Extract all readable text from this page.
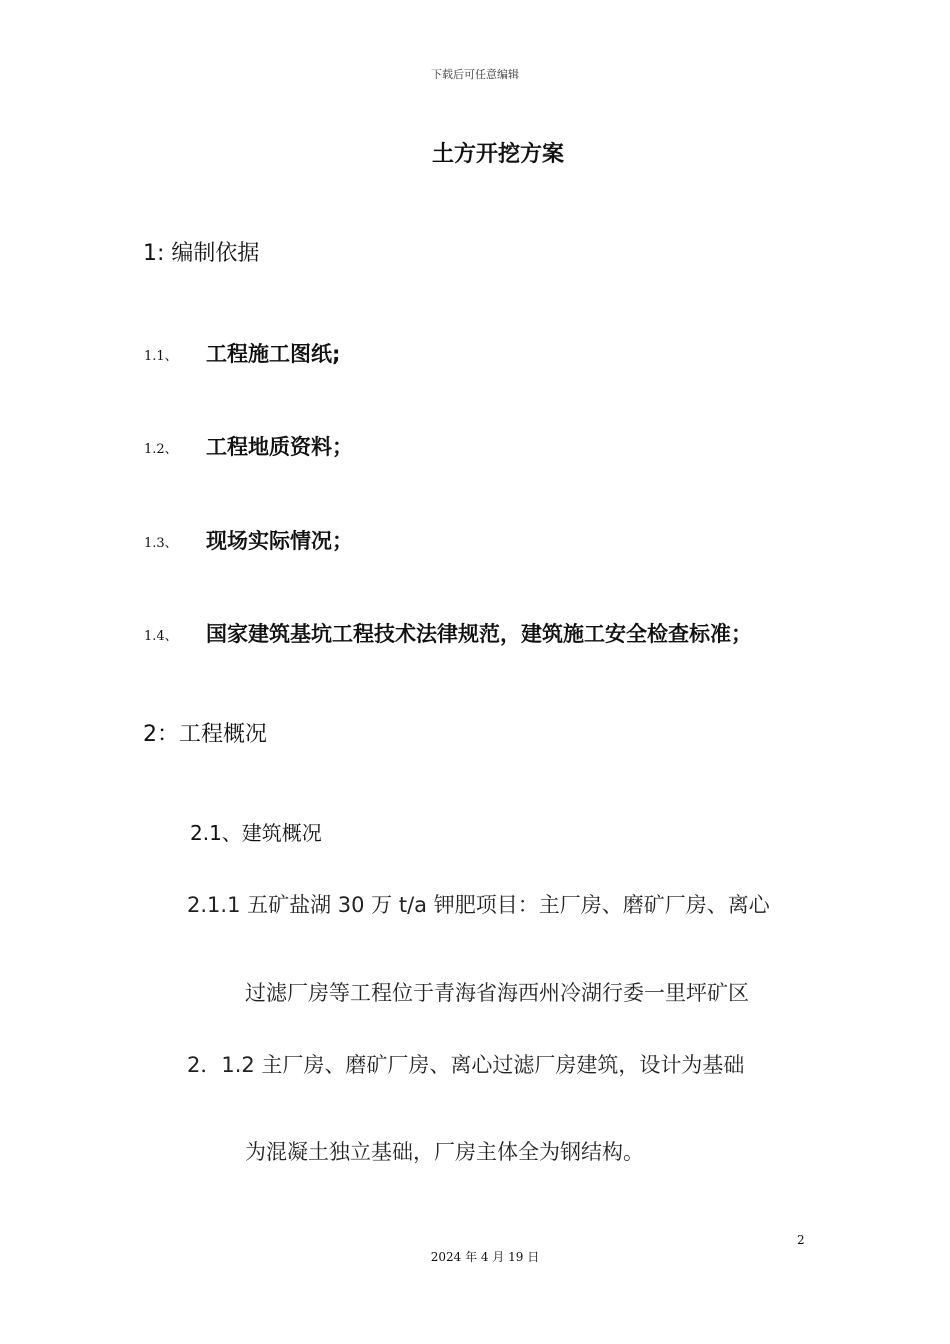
下载后可任意编辑
土方开挖方案
1: 编制依据
1.1、 工程施工图纸;
1.2、 工程地质资料；
1.3、 现场实际情况；
1.4、 国家建筑基坑工程技术法律规范，建筑施工安全检查标准；
2：工程概况
2.1、建筑概况
2.1.1 五矿盐湖 30 万 t/a 钾肥项目：主厂房、磨矿厂房、离心
过滤厂房等工程位于青海省海西州冷湖行委一里坪矿区
2．1.2 主厂房、磨矿厂房、离心过滤厂房建筑，设计为基础
为混凝土独立基础，厂房主体全为钢结构。
2
2024 年 4 月 19 日
